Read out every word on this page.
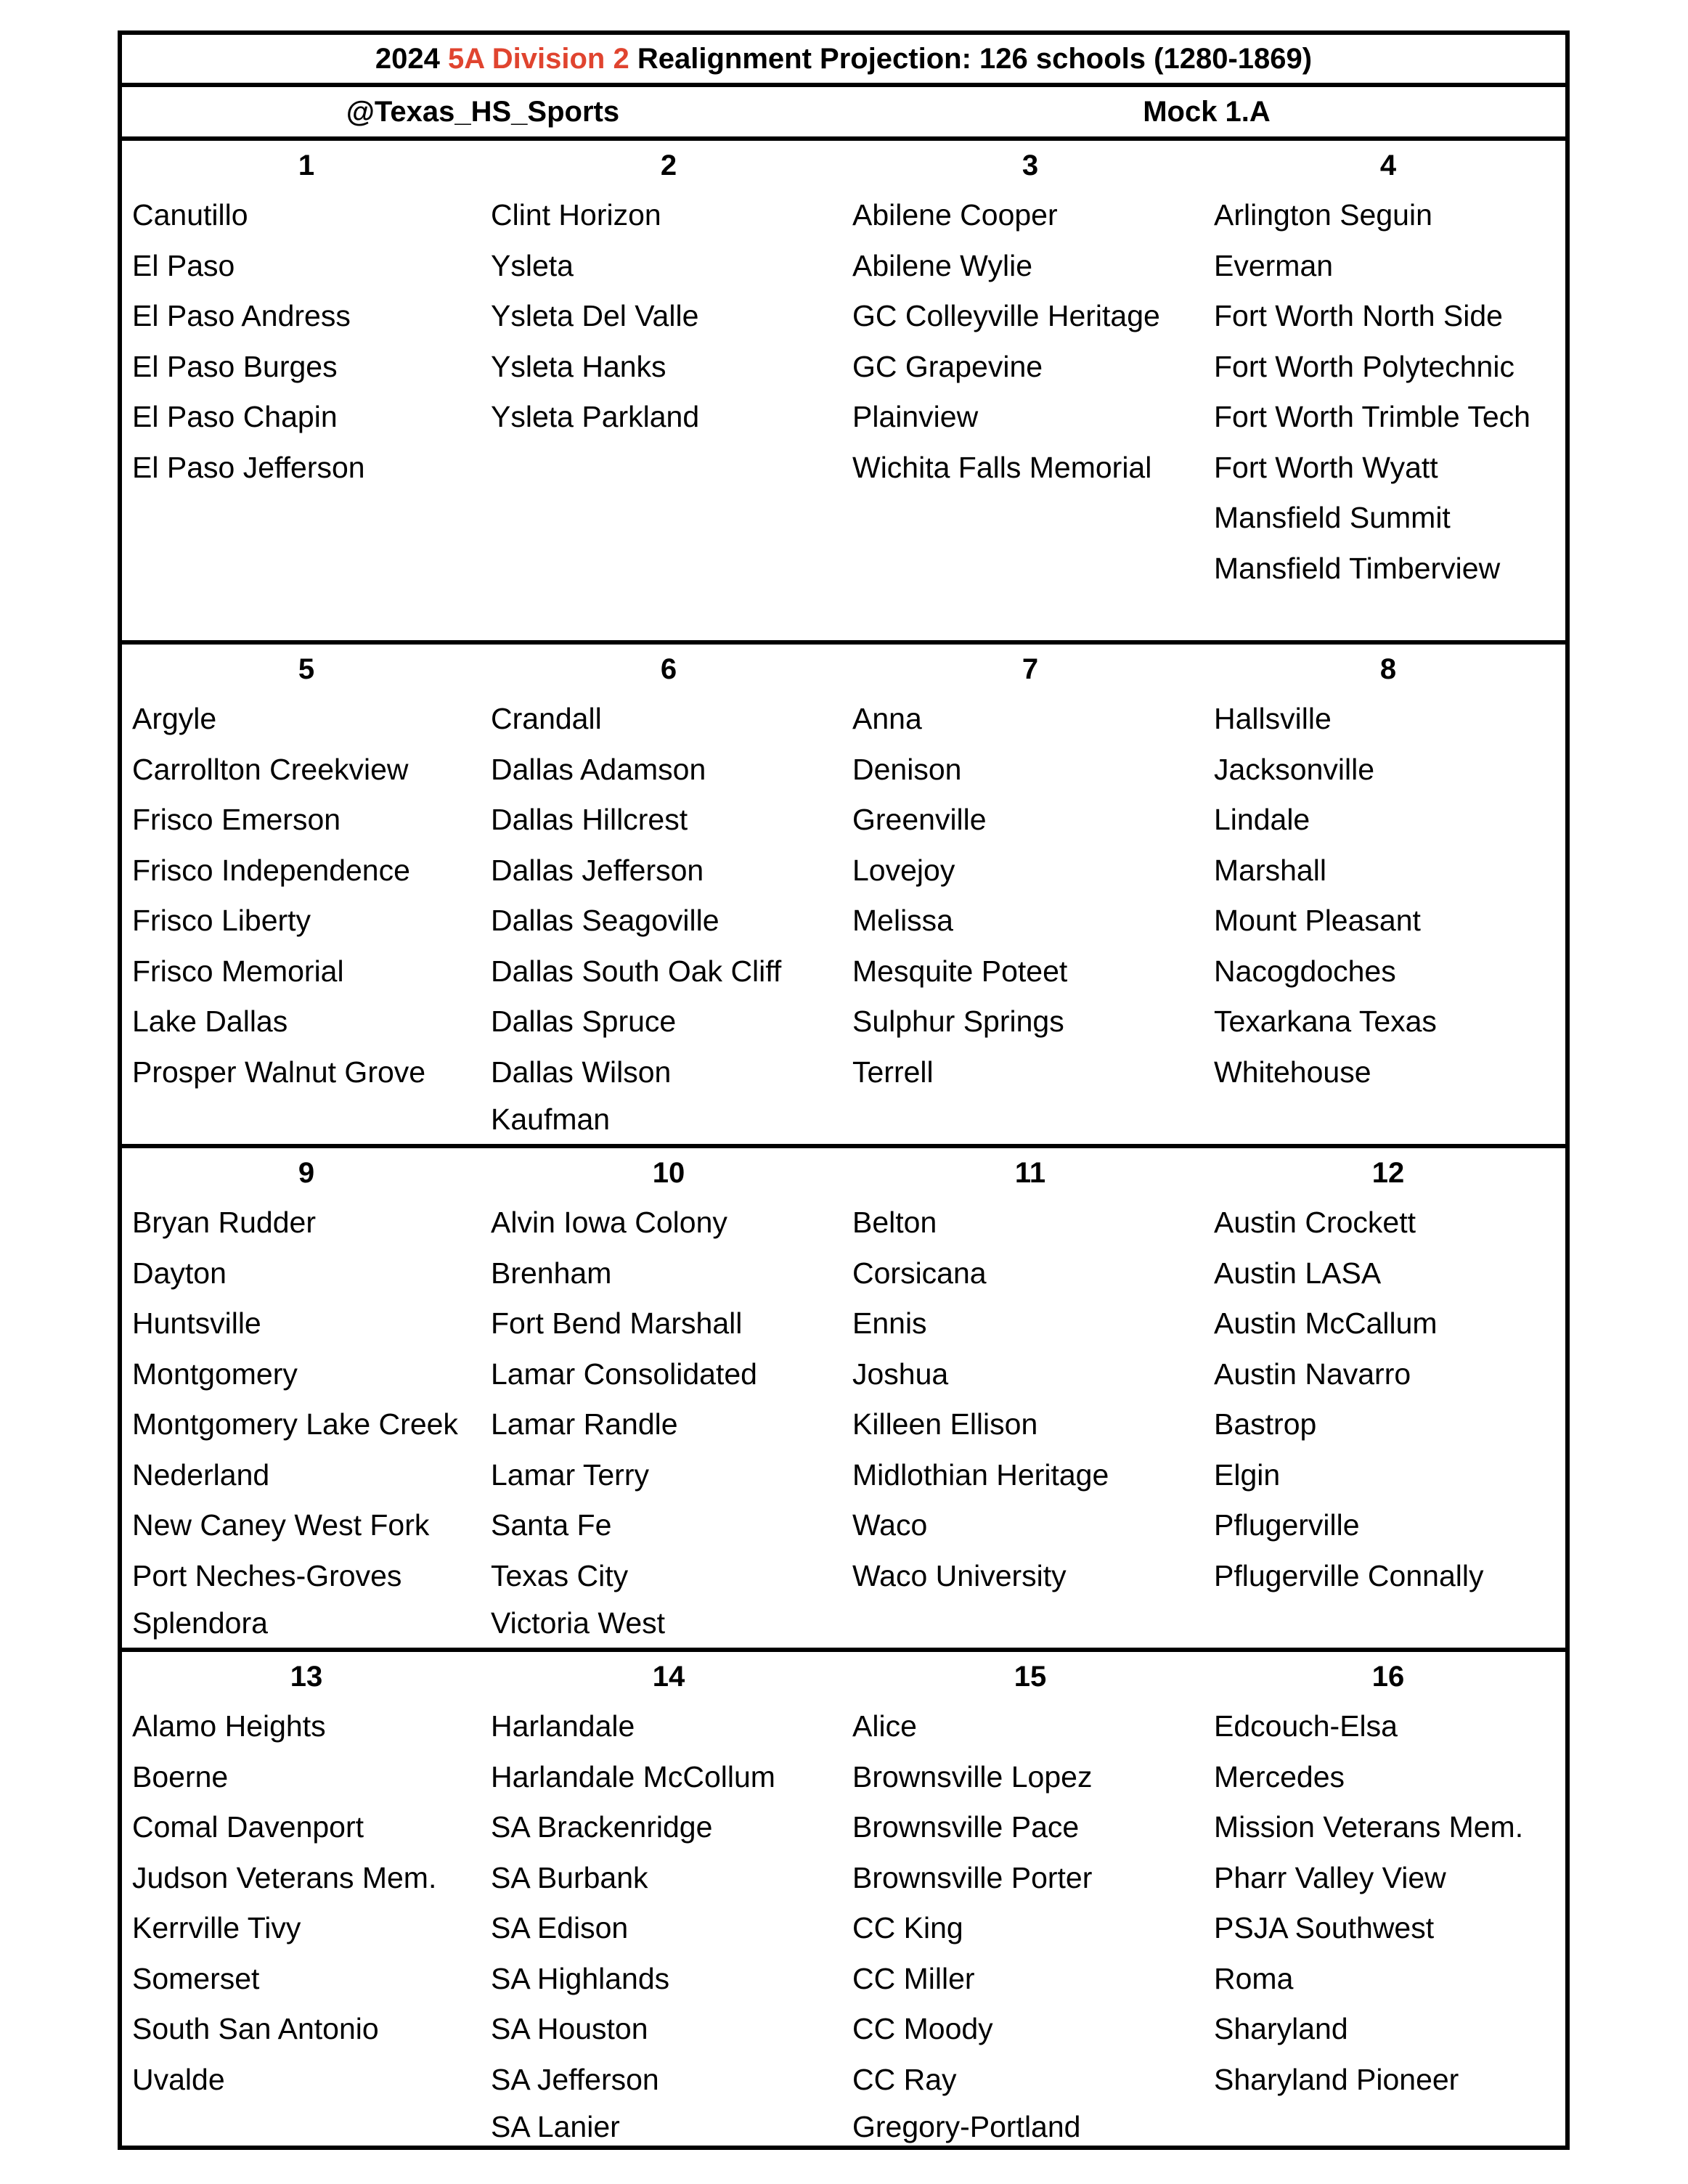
2024
5A Division 2
Realignment Projection: 126 schools (1280-1869)
@Texas_HS_Sports	Mock 1.A
1
Canutillo
El Paso
El Paso Andress
El Paso Burges
El Paso Chapin
El Paso Jefferson
2
Clint Horizon
Ysleta
Ysleta Del Valle
Ysleta Hanks
Ysleta Parkland
3
Abilene Cooper
Abilene Wylie
GC Colleyville Heritage
GC Grapevine
Plainview
Wichita Falls Memorial
4
Arlington Seguin
Everman
Fort Worth North Side
Fort Worth Polytechnic
Fort Worth Trimble Tech
Fort Worth Wyatt
Mansfield Summit
Mansfield Timberview
5
Argyle
Carrollton Creekview
Frisco Emerson
Frisco Independence
Frisco Liberty
Frisco Memorial
Lake Dallas
Prosper Walnut Grove
6
Crandall
Dallas Adamson
Dallas Hillcrest
Dallas Jefferson
Dallas Seagoville
Dallas South Oak Cliff
Dallas Spruce
Dallas Wilson
Kaufman
7
Anna
Denison
Greenville
Lovejoy
Melissa
Mesquite Poteet
Sulphur Springs
Terrell
8
Hallsville
Jacksonville
Lindale
Marshall
Mount Pleasant
Nacogdoches
Texarkana Texas
Whitehouse
9
Bryan Rudder
Dayton
Huntsville
Montgomery
Montgomery Lake Creek
Nederland
New Caney West Fork
Port Neches-Groves
Splendora
10
Alvin Iowa Colony
Brenham
Fort Bend Marshall
Lamar Consolidated
Lamar Randle
Lamar Terry
Santa Fe
Texas City
Victoria West
11
Belton
Corsicana
Ennis
Joshua
Killeen Ellison
Midlothian Heritage
Waco
Waco University
12
Austin Crockett
Austin LASA
Austin McCallum
Austin Navarro
Bastrop
Elgin
Pflugerville
Pflugerville Connally
13
Alamo Heights
Boerne
Comal Davenport
Judson Veterans Mem.
Kerrville Tivy
Somerset
South San Antonio
Uvalde
14
Harlandale
Harlandale McCollum
SA Brackenridge
SA Burbank
SA Edison
SA Highlands
SA Houston
SA Jefferson
SA Lanier
15
Alice
Brownsville Lopez
Brownsville Pace
Brownsville Porter
CC King
CC Miller
CC Moody
CC Ray
Gregory-Portland
16
Edcouch-Elsa
Mercedes
Mission Veterans Mem.
Pharr Valley View
PSJA Southwest
Roma
Sharyland
Sharyland Pioneer
